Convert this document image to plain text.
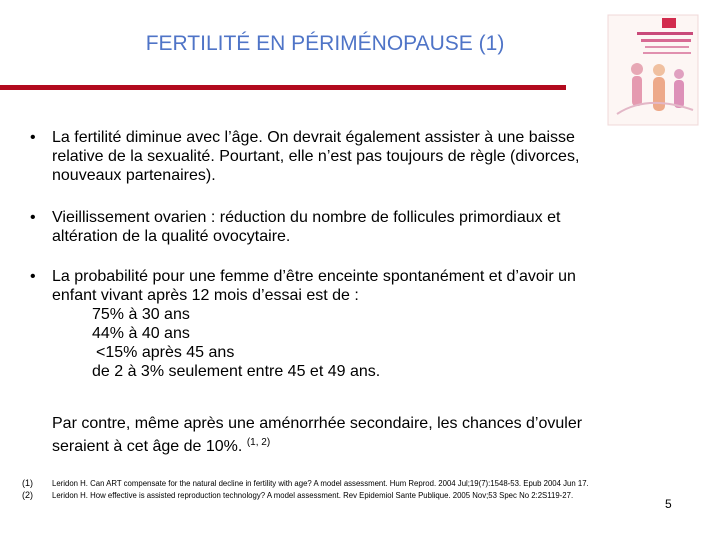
FERTILITÉ EN PÉRIMÉNOPAUSE (1)
• La fertilité diminue avec l’âge. On devrait également assister à une baisse
relative de la sexualité. Pourtant, elle n’est pas toujours de règle (divorces,
nouveaux partenaires).

• Vieillissement ovarien : réduction du nombre de follicules primordiaux et
altération de la qualité ovocytaire.

• La probabilité pour une femme d’être enceinte spontanément et d’avoir un
enfant vivant après 12 mois d’essai est de :
75% à 30 ans
44% à 40 ans
<15% après 45 ans
de 2 à 3% seulement entre 45 et 49 ans.

Par contre, même après une aménorrhée secondaire, les chances d’ovuler
seraient à cet âge de 10%. $^{(1, 2)}$

(1) Leridon H. Can ART compensate for the natural decline in fertility with age? A model assessment. Hum Reprod. 2004 Jul;19(7):1548-53. Epub 2004 Jun 17.
(2) Leridon H. How effective is assisted reproduction technology? A model assessment. Rev Epidemiol Sante Publique. 2005 Nov;53 Spec No 2:2S119-27.
5
